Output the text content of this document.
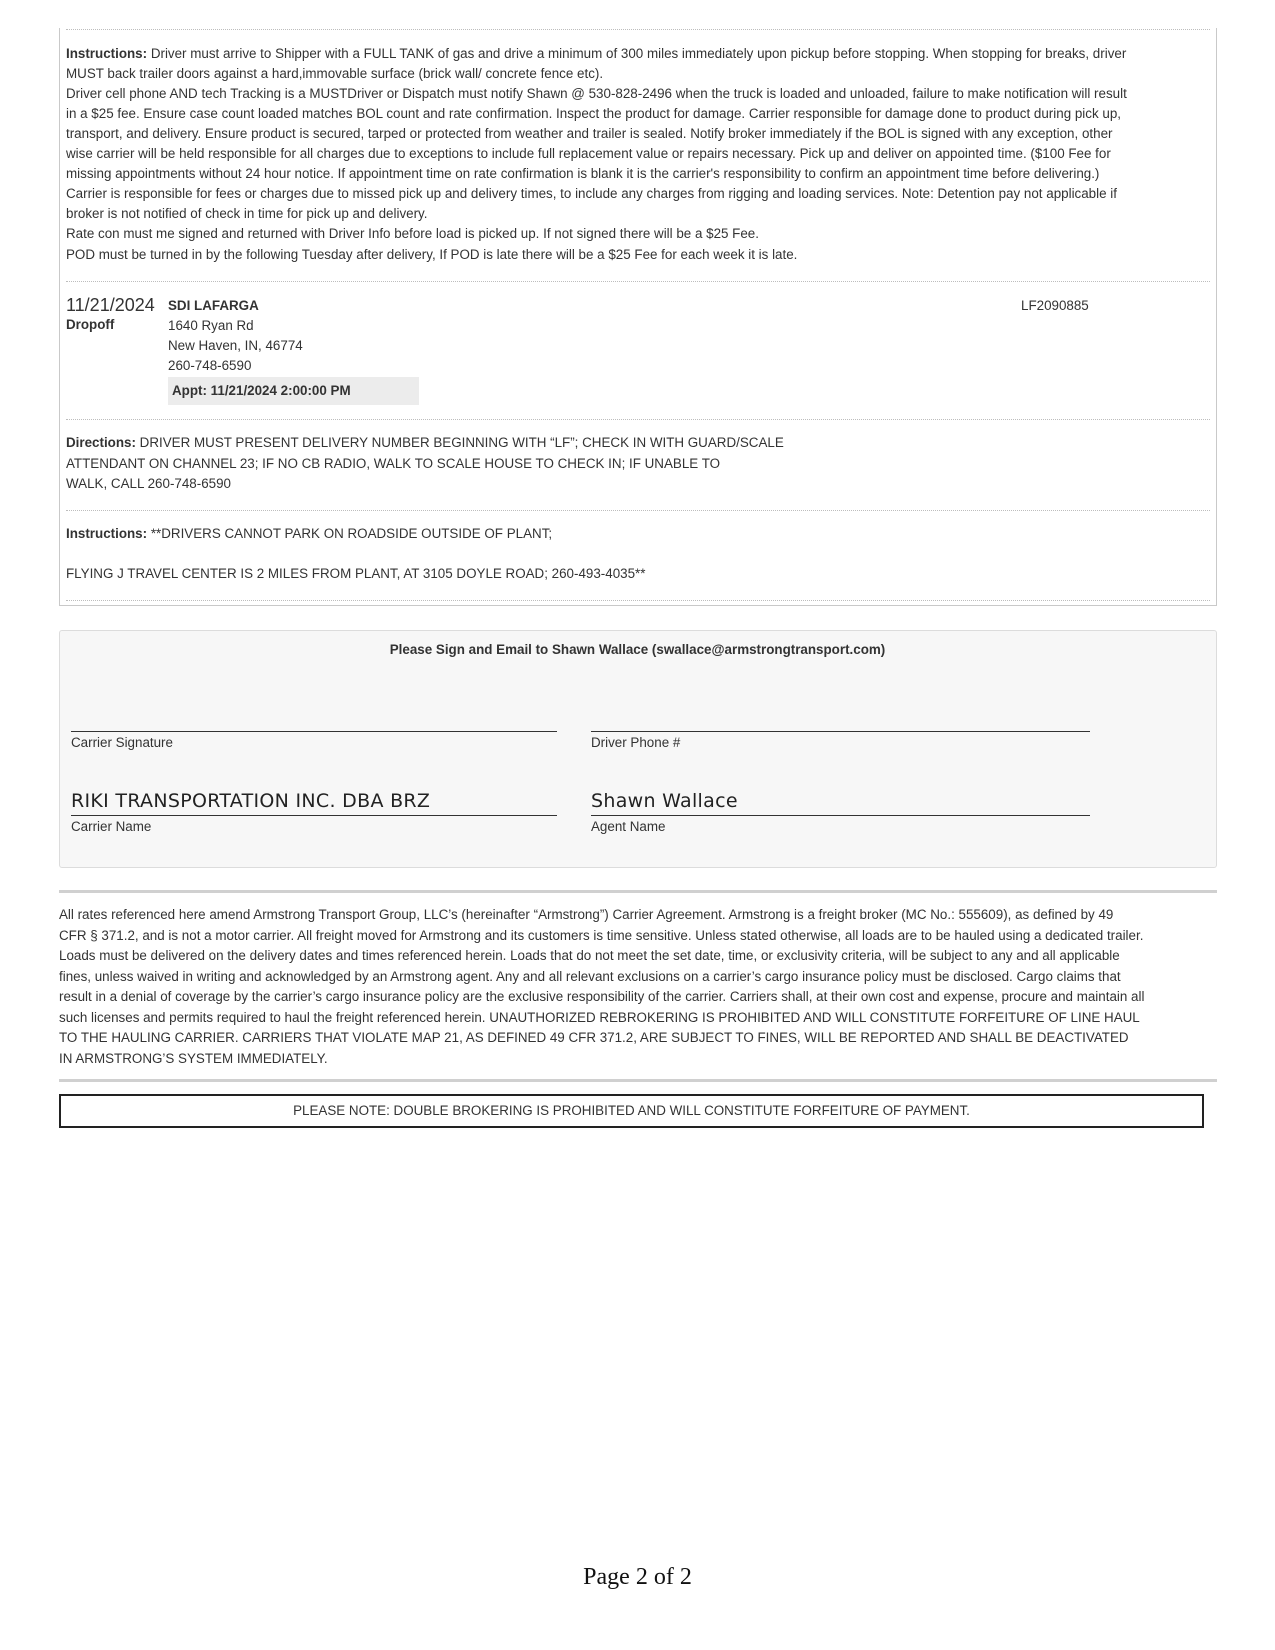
Instructions: Driver must arrive to Shipper with a FULL TANK of gas and drive a minimum of 300 miles immediately upon pickup before stopping. When stopping for breaks, driver
MUST back trailer doors against a hard,immovable surface (brick wall/ concrete fence etc).
Driver cell phone AND tech Tracking is a MUSTDriver or Dispatch must notify Shawn @ 530-828-2496 when the truck is loaded and unloaded, failure to make notification will result
in a $25 fee. Ensure case count loaded matches BOL count and rate confirmation. Inspect the product for damage. Carrier responsible for damage done to product during pick up,
transport, and delivery. Ensure product is secured, tarped or protected from weather and trailer is sealed. Notify broker immediately if the BOL is signed with any exception, other
wise carrier will be held responsible for all charges due to exceptions to include full replacement value or repairs necessary. Pick up and deliver on appointed time. ($100 Fee for
missing appointments without 24 hour notice. If appointment time on rate confirmation is blank it is the carrier's responsibility to confirm an appointment time before delivering.)
Carrier is responsible for fees or charges due to missed pick up and delivery times, to include any charges from rigging and loading services. Note: Detention pay not applicable if
broker is not notified of check in time for pick up and delivery.
Rate con must me signed and returned with Driver Info before load is picked up. If not signed there will be a $25 Fee.
POD must be turned in by the following Tuesday after delivery, If POD is late there will be a $25 Fee for each week it is late.
11/21/2024
Dropoff
SDI LAFARGA
1640 Ryan Rd
New Haven, IN, 46774
260-748-6590
Appt: 11/21/2024 2:00:00 PM
LF2090885
Directions: DRIVER MUST PRESENT DELIVERY NUMBER BEGINNING WITH “LF”; CHECK IN WITH GUARD/SCALE
ATTENDANT ON CHANNEL 23; IF NO CB RADIO, WALK TO SCALE HOUSE TO CHECK IN; IF UNABLE TO
WALK, CALL 260-748-6590
Instructions: **DRIVERS CANNOT PARK ON ROADSIDE OUTSIDE OF PLANT;
FLYING J TRAVEL CENTER IS 2 MILES FROM PLANT, AT 3105 DOYLE ROAD; 260-493-4035**
Please Sign and Email to Shawn Wallace (swallace@armstrongtransport.com)
Carrier Signature	Driver Phone #
RIKI TRANSPORTATION INC. DBA BRZ
Carrier Name
Shawn Wallace
Agent Name
All rates referenced here amend Armstrong Transport Group, LLC’s (hereinafter “Armstrong”) Carrier Agreement. Armstrong is a freight broker (MC No.: 555609), as defined by 49
CFR § 371.2, and is not a motor carrier. All freight moved for Armstrong and its customers is time sensitive. Unless stated otherwise, all loads are to be hauled using a dedicated trailer.
Loads must be delivered on the delivery dates and times referenced herein. Loads that do not meet the set date, time, or exclusivity criteria, will be subject to any and all applicable
fines, unless waived in writing and acknowledged by an Armstrong agent. Any and all relevant exclusions on a carrier’s cargo insurance policy must be disclosed. Cargo claims that
result in a denial of coverage by the carrier’s cargo insurance policy are the exclusive responsibility of the carrier. Carriers shall, at their own cost and expense, procure and maintain all
such licenses and permits required to haul the freight referenced herein. UNAUTHORIZED REBROKERING IS PROHIBITED AND WILL CONSTITUTE FORFEITURE OF LINE HAUL
TO THE HAULING CARRIER. CARRIERS THAT VIOLATE MAP 21, AS DEFINED 49 CFR 371.2, ARE SUBJECT TO FINES, WILL BE REPORTED AND SHALL BE DEACTIVATED
IN ARMSTRONG’S SYSTEM IMMEDIATELY.
PLEASE NOTE: DOUBLE BROKERING IS PROHIBITED AND WILL CONSTITUTE FORFEITURE OF PAYMENT.
Page 2 of 2
